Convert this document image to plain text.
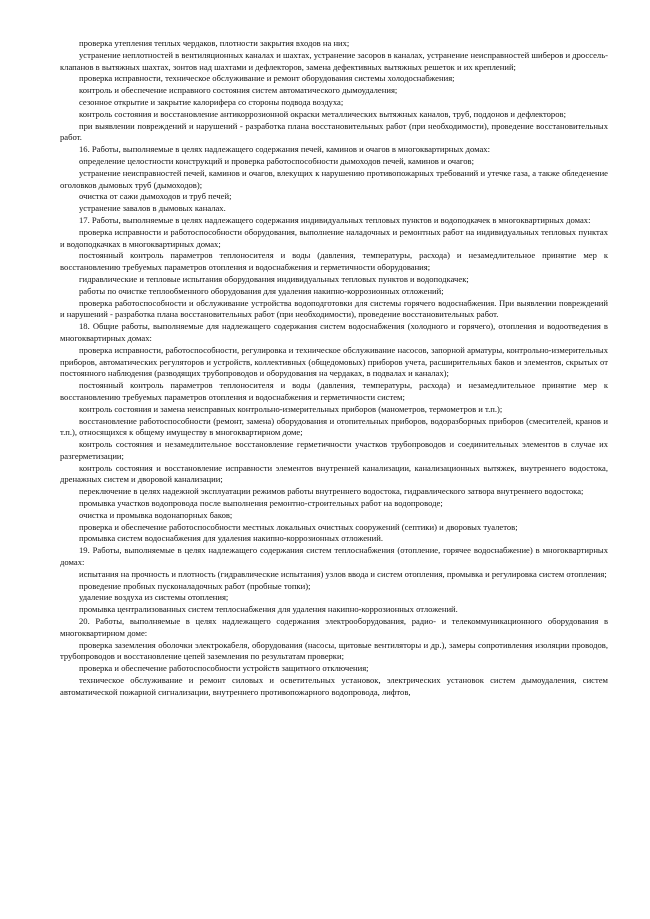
проверка утепления теплых чердаков, плотности закрытия входов на них;

устранение неплотностей в вентиляционных каналах и шахтах, устранение засоров в каналах, устранение неисправностей шиберов и дроссель-клапанов в вытяжных шахтах, зонтов над шахтами и дефлекторов, замена дефективных вытяжных решеток и их креплений;

проверка исправности, техническое обслуживание и ремонт оборудования системы холодоснабжения;

контроль и обеспечение исправного состояния систем автоматического дымоудаления;

сезонное открытие и закрытие калорифера со стороны подвода воздуха;

контроль состояния и восстановление антикоррозионной окраски металлических вытяжных каналов, труб, поддонов и дефлекторов;

при выявлении повреждений и нарушений - разработка плана восстановительных работ (при необходимости), проведение восстановительных работ.

16. Работы, выполняемые в целях надлежащего содержания печей, каминов и очагов в многоквартирных домах:

определение целостности конструкций и проверка работоспособности дымоходов печей, каминов и очагов;

устранение неисправностей печей, каминов и очагов, влекущих к нарушению противопожарных требований и утечке газа, а также обледенение оголовков дымовых труб (дымоходов);

очистка от сажи дымоходов и труб печей;

устранение завалов в дымовых каналах.

17. Работы, выполняемые в целях надлежащего содержания индивидуальных тепловых пунктов и водоподкачек в многоквартирных домах:

проверка исправности и работоспособности оборудования, выполнение наладочных и ремонтных работ на индивидуальных тепловых пунктах и водоподкачках в многоквартирных домах;

постоянный контроль параметров теплоносителя и воды (давления, температуры, расхода) и незамедлительное принятие мер к восстановлению требуемых параметров отопления и водоснабжения и герметичности оборудования;

гидравлические и тепловые испытания оборудования индивидуальных тепловых пунктов и водоподкачек;

работы по очистке теплообменного оборудования для удаления накипно-коррозионных отложений;

проверка работоспособности и обслуживание устройства водоподготовки для системы горячего водоснабжения. При выявлении повреждений и нарушений - разработка плана восстановительных работ (при необходимости), проведение восстановительных работ.

18. Общие работы, выполняемые для надлежащего содержания систем водоснабжения (холодного и горячего), отопления и водоотведения в многоквартирных домах:

проверка исправности, работоспособности, регулировка и техническое обслуживание насосов, запорной арматуры, контрольно-измерительных приборов, автоматических регуляторов и устройств, коллективных (общедомовых) приборов учета, расширительных баков и элементов, скрытых от постоянного наблюдения (разводящих трубопроводов и оборудования на чердаках, в подвалах и каналах);

постоянный контроль параметров теплоносителя и воды (давления, температуры, расхода) и незамедлительное принятие мер к восстановлению требуемых параметров отопления и водоснабжения и герметичности систем;

контроль состояния и замена неисправных контрольно-измерительных приборов (манометров, термометров и т.п.);

восстановление работоспособности (ремонт, замена) оборудования и отопительных приборов, водоразборных приборов (смесителей, кранов и т.п.), относящихся к общему имуществу в многоквартирном доме;

контроль состояния и незамедлительное восстановление герметичности участков трубопроводов и соединительных элементов в случае их разгерметизации;

контроль состояния и восстановление исправности элементов внутренней канализации, канализационных вытяжек, внутреннего водостока, дренажных систем и дворовой канализации;

переключение в целях надежной эксплуатации режимов работы внутреннего водостока, гидравлического затвора внутреннего водостока;

промывка участков водопровода после выполнения ремонтно-строительных работ на водопроводе;

очистка и промывка водонапорных баков;

проверка и обеспечение работоспособности местных локальных очистных сооружений (септики) и дворовых туалетов;

промывка систем водоснабжения для удаления накипно-коррозионных отложений.

19. Работы, выполняемые в целях надлежащего содержания систем теплоснабжения (отопление, горячее водоснабжение) в многоквартирных домах:

испытания на прочность и плотность (гидравлические испытания) узлов ввода и систем отопления, промывка и регулировка систем отопления;

проведение пробных пусконаладочных работ (пробные топки);

удаление воздуха из системы отопления;

промывка централизованных систем теплоснабжения для удаления накипно-коррозионных отложений.

20. Работы, выполняемые в целях надлежащего содержания электрооборудования, радио- и телекоммуникационного оборудования в многоквартирном доме:

проверка заземления оболочки электрокабеля, оборудования (насосы, щитовые вентиляторы и др.), замеры сопротивления изоляции проводов, трубопроводов и восстановление цепей заземления по результатам проверки;

проверка и обеспечение работоспособности устройств защитного отключения;

техническое обслуживание и ремонт силовых и осветительных установок, электрических установок систем дымоудаления, систем автоматической пожарной сигнализации, внутреннего противопожарного водопровода, лифтов,
